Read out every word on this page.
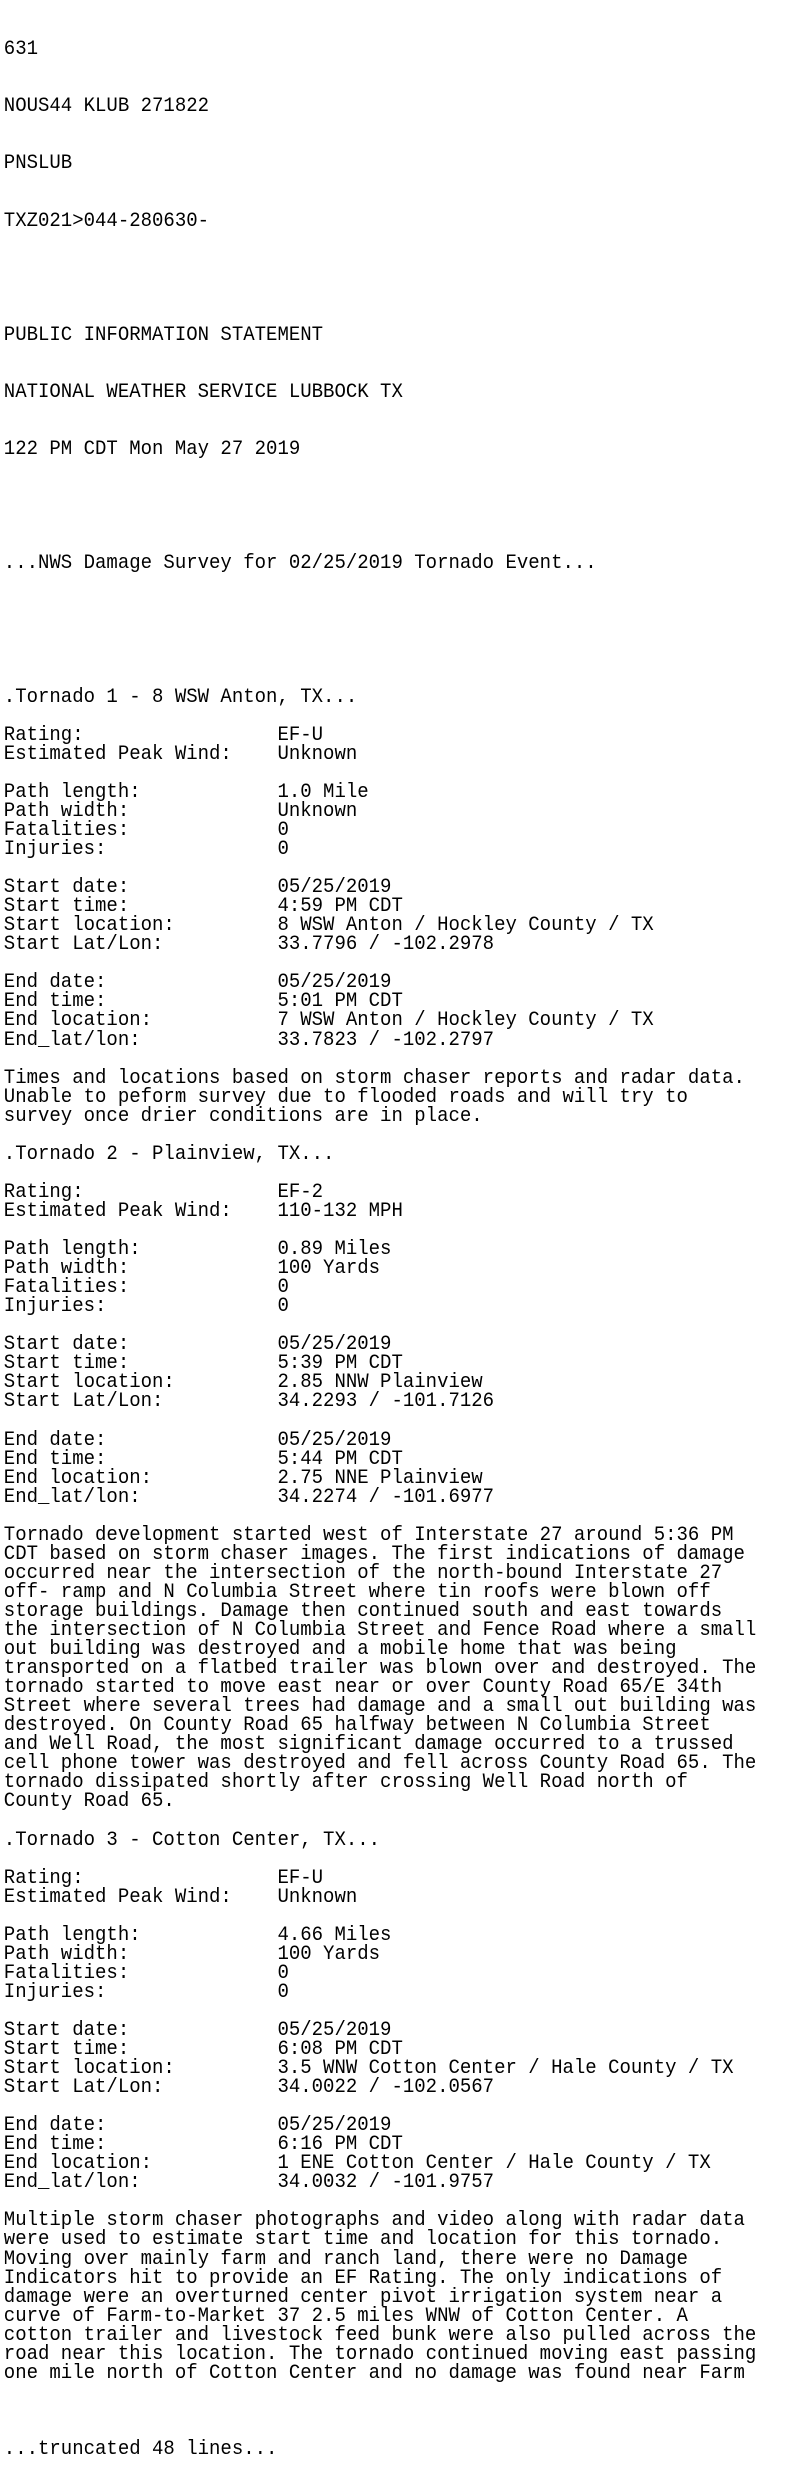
631

NOUS44 KLUB 271822

PNSLUB

TXZ021>044-280630-

PUBLIC INFORMATION STATEMENT

NATIONAL WEATHER SERVICE LUBBOCK TX

122 PM CDT Mon May 27 2019

...NWS Damage Survey for 02/25/2019 Tornado Event...

.Tornado 1 - 8 WSW Anton, TX...
Rating:                 EF-U
Estimated Peak Wind:    Unknown
Path length:            1.0 Mile
Path width:             Unknown
Fatalities:             0
Injuries:               0
Start date:             05/25/2019
Start time:             4:59 PM CDT
Start location:         8 WSW Anton / Hockley County / TX
Start Lat/Lon:          33.7796 / -102.2978
End date:               05/25/2019
End time:               5:01 PM CDT
End location:           7 WSW Anton / Hockley County / TX
End_lat/lon:            33.7823 / -102.2797
Times and locations based on storm chaser reports and radar data.
Unable to peform survey due to flooded roads and will try to
survey once drier conditions are in place.
.Tornado 2 - Plainview, TX...
Rating:                 EF-2
Estimated Peak Wind:    110-132 MPH
Path length:            0.89 Miles
Path width:             100 Yards
Fatalities:             0
Injuries:               0
Start date:             05/25/2019
Start time:             5:39 PM CDT
Start location:         2.85 NNW Plainview
Start Lat/Lon:          34.2293 / -101.7126
End date:               05/25/2019
End time:               5:44 PM CDT
End location:           2.75 NNE Plainview
End_lat/lon:            34.2274 / -101.6977
Tornado development started west of Interstate 27 around 5:36 PM
CDT based on storm chaser images. The first indications of damage
occurred near the intersection of the north-bound Interstate 27
off- ramp and N Columbia Street where tin roofs were blown off
storage buildings. Damage then continued south and east towards
the intersection of N Columbia Street and Fence Road where a small
out building was destroyed and a mobile home that was being
transported on a flatbed trailer was blown over and destroyed. The
tornado started to move east near or over County Road 65/E 34th
Street where several trees had damage and a small out building was
destroyed. On County Road 65 halfway between N Columbia Street
and Well Road, the most significant damage occurred to a trussed
cell phone tower was destroyed and fell across County Road 65. The
tornado dissipated shortly after crossing Well Road north of
County Road 65.
.Tornado 3 - Cotton Center, TX...
Rating:                 EF-U
Estimated Peak Wind:    Unknown
Path length:            4.66 Miles
Path width:             100 Yards
Fatalities:             0
Injuries:               0
Start date:             05/25/2019
Start time:             6:08 PM CDT
Start location:         3.5 WNW Cotton Center / Hale County / TX
Start Lat/Lon:          34.0022 / -102.0567
End date:               05/25/2019
End time:               6:16 PM CDT
End location:           1 ENE Cotton Center / Hale County / TX
End_lat/lon:            34.0032 / -101.9757
Multiple storm chaser photographs and video along with radar data
were used to estimate start time and location for this tornado.
Moving over mainly farm and ranch land, there were no Damage
Indicators hit to provide an EF Rating. The only indications of
damage were an overturned center pivot irrigation system near a
curve of Farm-to-Market 37 2.5 miles WNW of Cotton Center. A
cotton trailer and livestock feed bunk were also pulled across the
road near this location. The tornado continued moving east passing
one mile north of Cotton Center and no damage was found near Farm

...truncated 48 lines...
